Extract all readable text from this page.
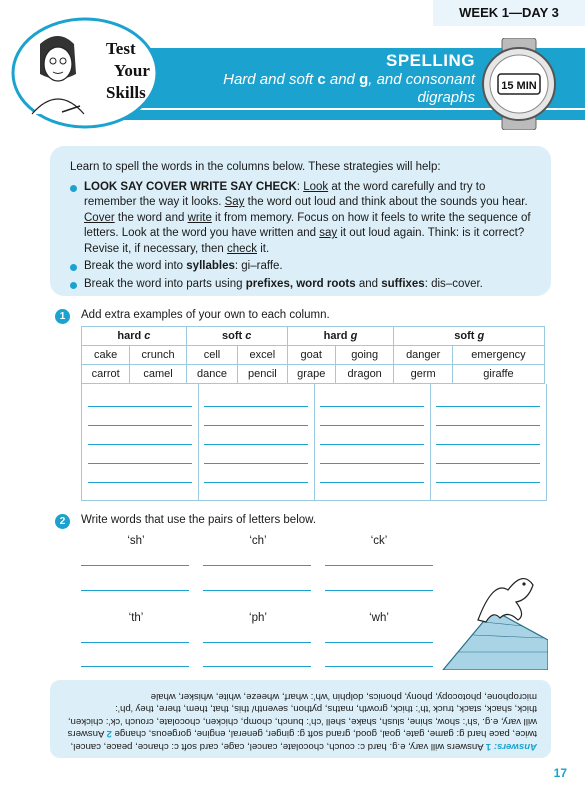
WEEK 1—DAY 3
Test
Your
Skills
SPELLING
Hard and soft c and g, and consonant digraphs
15 MIN

Learn to spell the words in the columns below. These strategies will help:

LOOK SAY COVER WRITE SAY CHECK: Look at the word carefully and try to remember the way it looks. Say the word out loud and think about the sounds you hear. Cover the word and write it from memory. Focus on how it feels to write the sequence of letters. Look at the word you have written and say it out loud again. Think: is it correct? Revise it, if necessary, then check it.
Break the word into syllables: gi–raffe.
Break the word into parts using prefixes, word roots and suffixes: dis–cover.
1	Add extra examples of your own to each column.
hard c		soft c		hard g		soft g	
cake	crunch	cell	excel	goat	going	danger	emergency
carrot	camel	dance	pencil	grape	dragon	germ	giraffe
2	Write words that use the pairs of letters below.
‘sh’	‘ch’	‘ck’
‘th’	‘ph’	‘wh’
Answers: 1 Answers will vary, e.g. hard c: couch, chocolate, cancel, cage, card soft c: chance, peace, cancel, twice, pace hard g: game, gate, goal, good, grand soft g: ginger, general, engine, gorgeous, change 2 Answers will vary, e.g. ‘sh’: show, shine, slush, shake, shell ‘ch’: bunch, chomp, chicken, chocolate, crouch ‘ck’: chicken, thick, shack, stack, truck ‘th’: thick, growth, maths, python, seventh/ this, that, them, there, they ‘ph’: microphone, photocopy, phony, phonics, dolphin ‘wh’: wharf, wheeze, white, whisker, whale
17
